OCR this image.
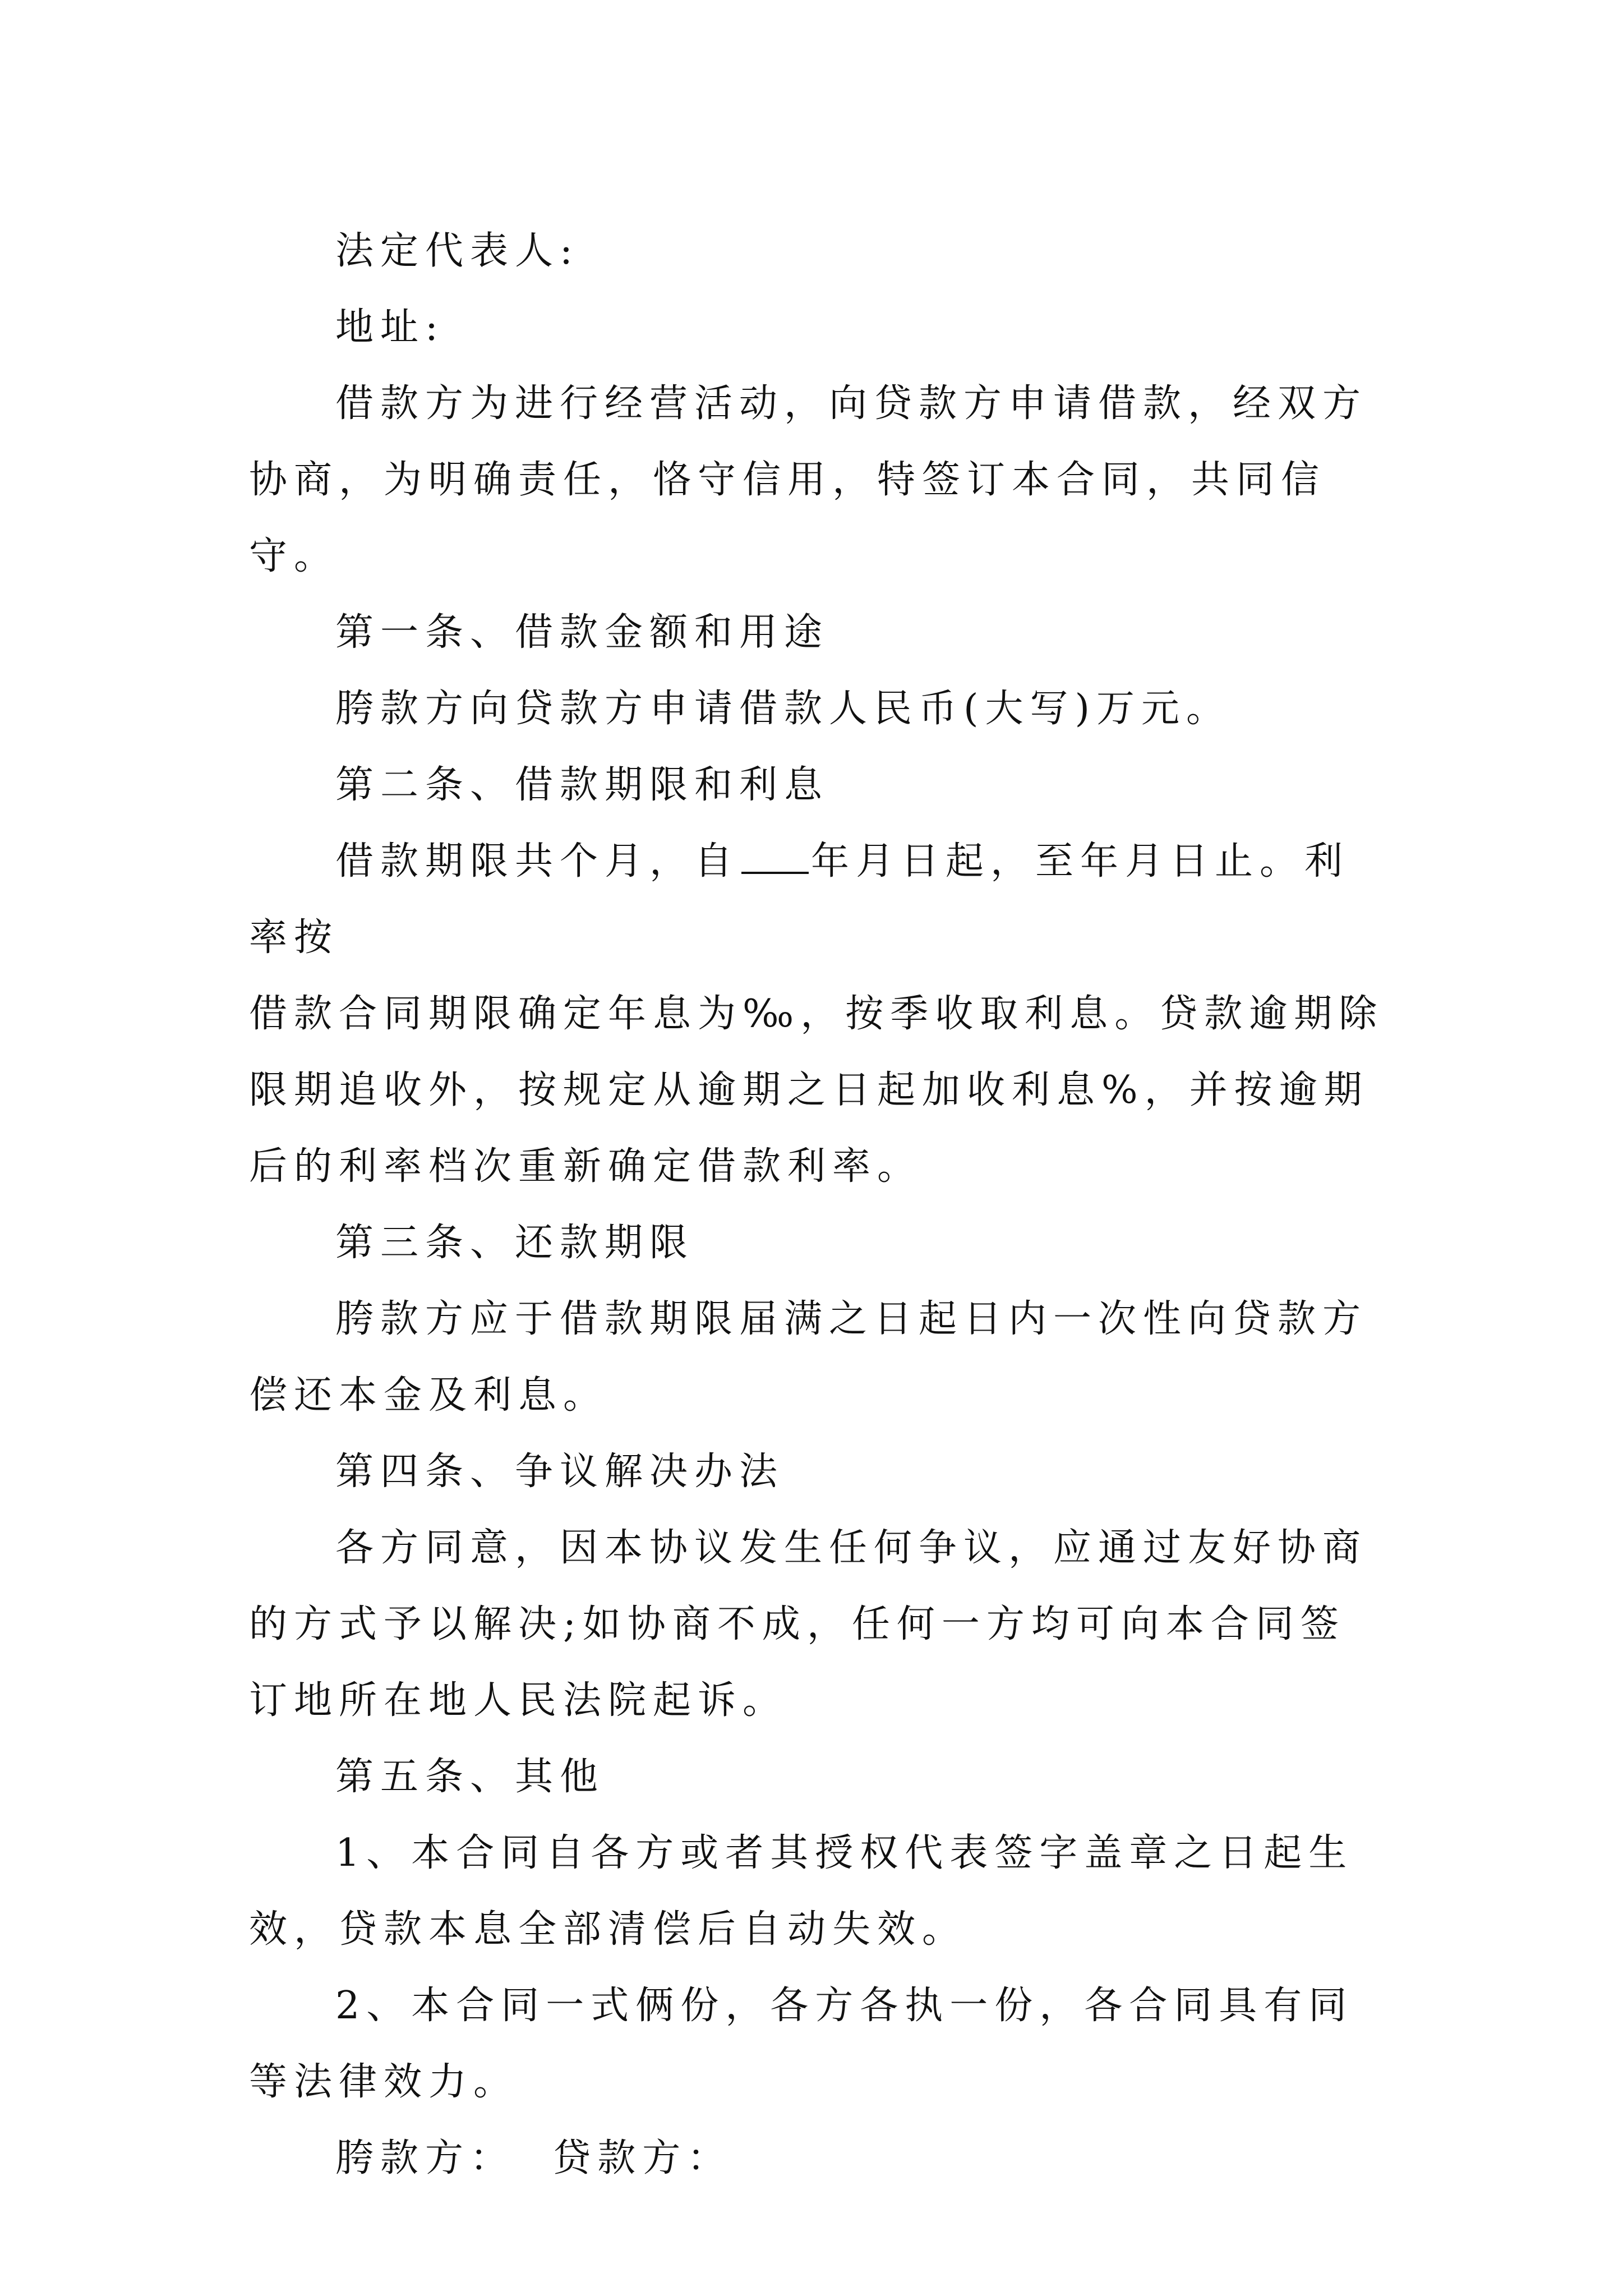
法定代表人:

地址:

借款方为进行经营活动，向贷款方申请借款，经双方协商，为明确责任，恪守信用，特签订本合同，共同信守。

第一条、借款金额和用途

胯款方向贷款方申请借款人民币(大写)万元。

第二条、借款期限和利息

借款期限共个月，自 年月日起，至年月日止。利率按

借款合同期限确定年息为‰，按季收取利息。贷款逾期除限期追收外，按规定从逾期之日起加收利息%，并按逾期后的利率档次重新确定借款利率。

第三条、还款期限

胯款方应于借款期限届满之日起日内一次性向贷款方偿还本金及利息。

第四条、争议解决办法

各方同意，因本协议发生任何争议，应通过友好协商的方式予以解决;如协商不成，任何一方均可向本合同签订地所在地人民法院起诉。

第五条、其他

1、本合同自各方或者其授权代表签字盖章之日起生效，贷款本息全部清偿后自动失效。

2、本合同一式俩份，各方各执一份，各合同具有同等法律效力。

胯款方：  贷款方：
